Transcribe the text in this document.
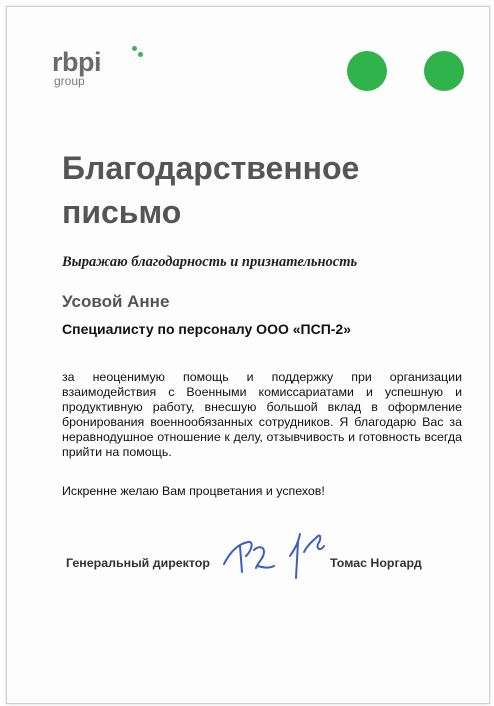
rbpi
group
Благодарственное
письмо
Выражаю благодарность и признательность
Усовой Анне
Специалисту по персоналу ООО «ПСП-2»
за неоценимую помощь и поддержку при организации взаимодействия с Военными комиссариатами и успешную и продуктивную работу, внесшую большой вклад в оформление бронирования военнообязанных сотрудников. Я благодарю Вас за неравнодушное отношение к делу, отзывчивость и готовность всегда прийти на помощь.
Искренне желаю Вам процветания и успехов!
Генеральный директор	Томас Норгард
